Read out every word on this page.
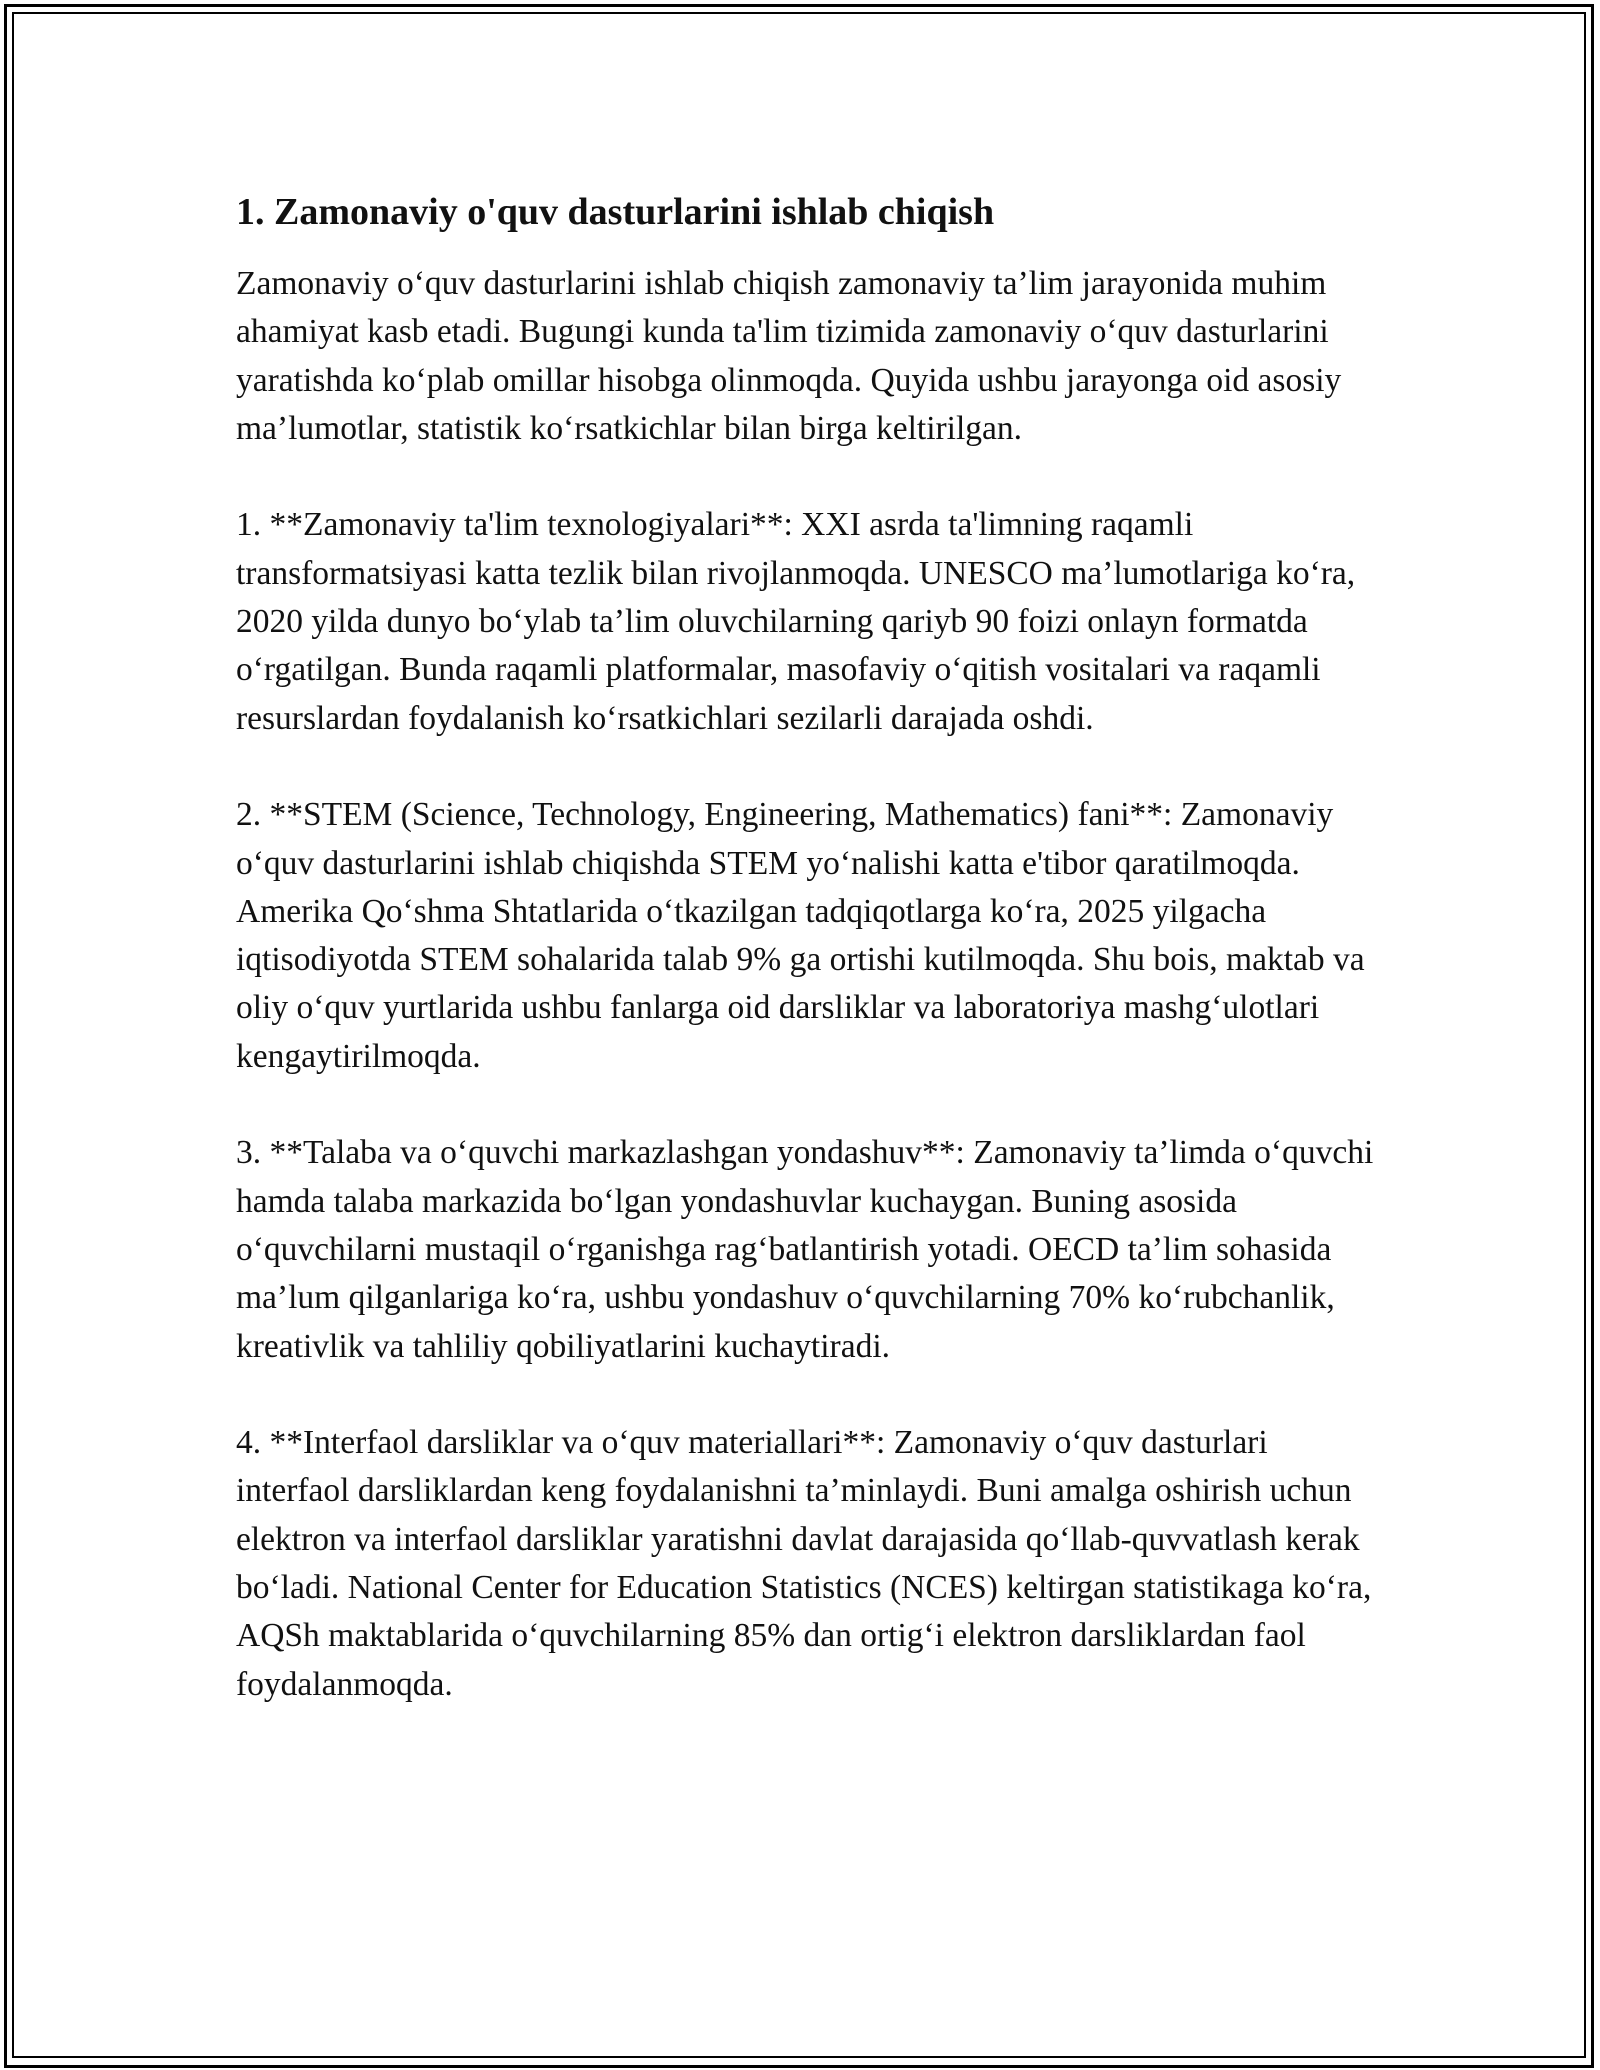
1. Zamonaviy o'quv dasturlarini ishlab chiqish

Zamonaviy oʻquv dasturlarini ishlab chiqish zamonaviy ta’lim jarayonida muhim ahamiyat kasb etadi. Bugungi kunda ta'lim tizimida zamonaviy oʻquv dasturlarini yaratishda koʻplab omillar hisobga olinmoqda. Quyida ushbu jarayonga oid asosiy ma’lumotlar, statistik koʻrsatkichlar bilan birga keltirilgan.

1. **Zamonaviy ta'lim texnologiyalari**: XXI asrda ta'limning raqamli transformatsiyasi katta tezlik bilan rivojlanmoqda. UNESCO ma’lumotlariga koʻra, 2020 yilda dunyo boʻylab ta’lim oluvchilarning qariyb 90 foizi onlayn formatda oʻrgatilgan. Bunda raqamli platformalar, masofaviy oʻqitish vositalari va raqamli resurslardan foydalanish koʻrsatkichlari sezilarli darajada oshdi.

2. **STEM (Science, Technology, Engineering, Mathematics) fani**: Zamonaviy oʻquv dasturlarini ishlab chiqishda STEM yoʻnalishi katta e'tibor qaratilmoqda. Amerika Qoʻshma Shtatlarida oʻtkazilgan tadqiqotlarga koʻra, 2025 yilgacha iqtisodiyotda STEM sohalarida talab 9% ga ortishi kutilmoqda. Shu bois, maktab va oliy oʻquv yurtlarida ushbu fanlarga oid darsliklar va laboratoriya mashgʻulotlari kengaytirilmoqda.

3. **Talaba va oʻquvchi markazlashgan yondashuv**: Zamonaviy ta’limda oʻquvchi hamda talaba markazida boʻlgan yondashuvlar kuchaygan. Buning asosida oʻquvchilarni mustaqil oʻrganishga ragʻbatlantirish yotadi. OECD ta’lim sohasida ma’lum qilganlariga koʻra, ushbu yondashuv oʻquvchilarning 70% koʻrubchanlik, kreativlik va tahliliy qobiliyatlarini kuchaytiradi.

4. **Interfaol darsliklar va oʻquv materiallari**: Zamonaviy oʻquv dasturlari interfaol darsliklardan keng foydalanishni ta’minlaydi. Buni amalga oshirish uchun elektron va interfaol darsliklar yaratishni davlat darajasida qoʻllab-quvvatlash kerak boʻladi. National Center for Education Statistics (NCES) keltirgan statistikaga koʻra, AQSh maktablarida oʻquvchilarning 85% dan ortigʻi elektron darsliklardan faol foydalanmoqda.
